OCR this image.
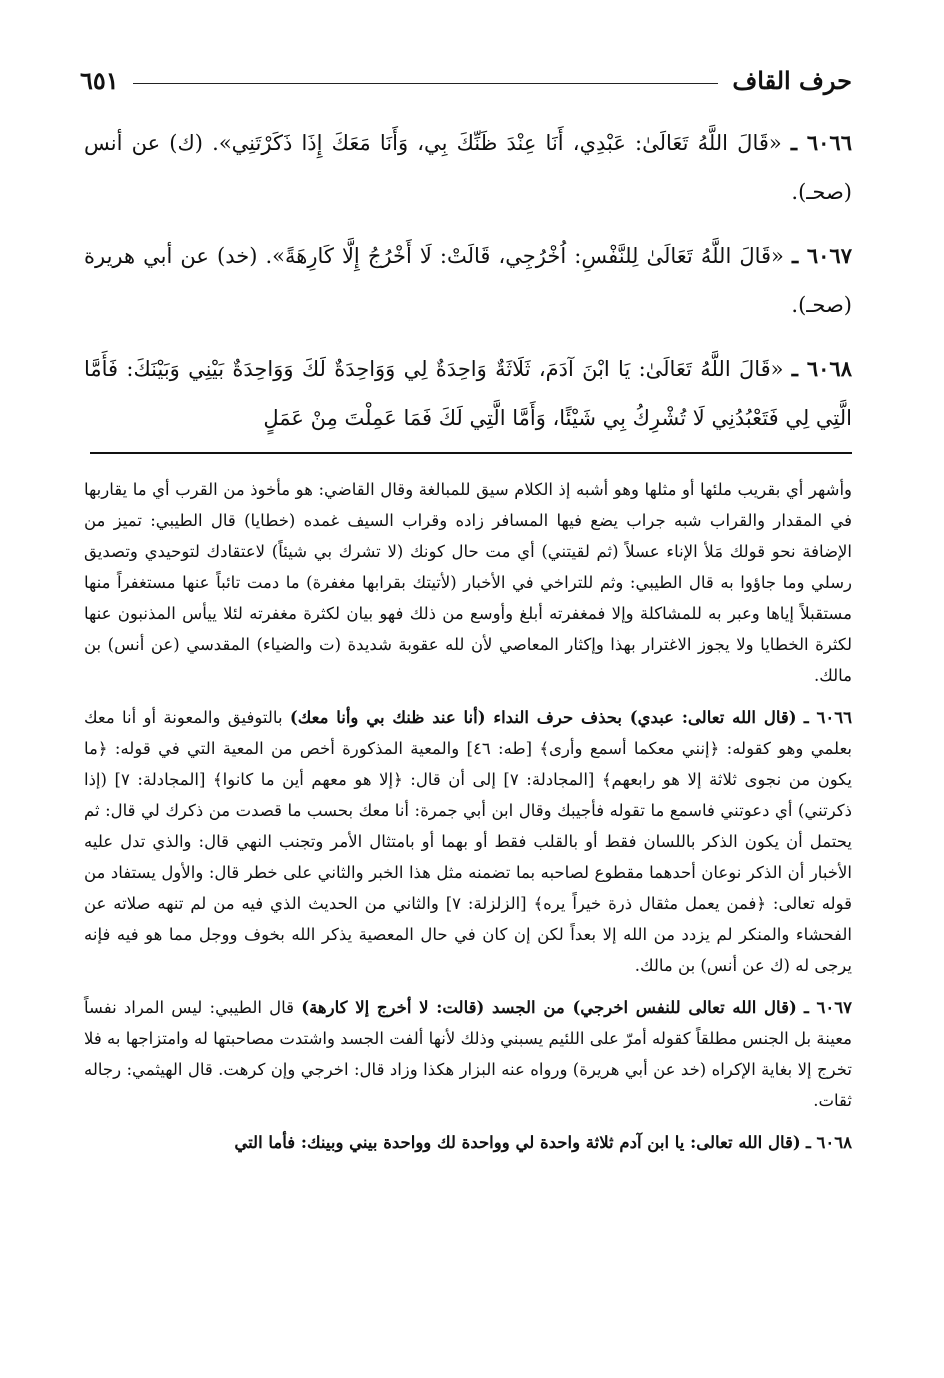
حرف القاف
٦٥١

٦٠٦٦ ـ «قَالَ اللَّهُ تَعَالَىٰ: عَبْدِي، أَنَا عِنْدَ ظَنِّكَ بِي، وَأَنَا مَعَكَ إِذَا ذَكَرْتَنِي». (ك) عن أنس (صحـ).

٦٠٦٧ ـ «قَالَ اللَّهُ تَعَالَىٰ لِلنَّفْسِ: اُخْرُجِي، قَالَتْ: لَا أَخْرُجُ إِلَّا كَارِهَةً». (خد) عن أبي هريرة (صحـ).

٦٠٦٨ ـ «قَالَ اللَّهُ تَعَالَىٰ: يَا ابْنَ آدَمَ، ثَلَاثَةٌ وَاحِدَةٌ لِي وَوَاحِدَةٌ لَكَ وَوَاحِدَةٌ بَيْنِي وَبَيْنَكَ: فَأَمَّا الَّتِي لِي فَتَعْبُدُنِي لَا تُشْرِكُ بِي شَيْئًا، وَأَمَّا الَّتِي لَكَ فَمَا عَمِلْتَ مِنْ عَمَلٍ

وأشهر أي بقريب ملئها أو مثلها وهو أشبه إذ الكلام سيق للمبالغة وقال القاضي: هو مأخوذ من القرب أي ما يقاربها في المقدار والقراب شبه جراب يضع فيها المسافر زاده وقراب السيف غمده (خطايا) قال الطيبي: تميز من الإضافة نحو قولك مَلأ الإناء عسلاً (ثم لقيتني) أي مت حال كونك (لا تشرك بي شيئاً) لاعتقادك لتوحيدي وتصديق رسلي وما جاؤوا به قال الطيبي: وثم للتراخي في الأخبار (لأتيتك بقرابها مغفرة) ما دمت تائباً عنها مستغفراً منها مستقبلاً إياها وعبر به للمشاكلة وإلا فمغفرته أبلغ وأوسع من ذلك فهو بيان لكثرة مغفرته لئلا ييأس المذنبون عنها لكثرة الخطايا ولا يجوز الاغترار بهذا وإكثار المعاصي لأن لله عقوبة شديدة (ت والضياء) المقدسي (عن أنس) بن مالك.

٦٠٦٦ ـ (قال الله تعالى: عبدي) بحذف حرف النداء (أنا عند ظنك بي وأنا معك) بالتوفيق والمعونة أو أنا معك بعلمي وهو كقوله: ﴿إنني معكما أسمع وأرى﴾ [طه: ٤٦] والمعية المذكورة أخص من المعية التي في قوله: ﴿ما يكون من نجوى ثلاثة إلا هو رابعهم﴾ [المجادلة: ٧] إلى أن قال: ﴿إلا هو معهم أين ما كانوا﴾ [المجادلة: ٧] (إذا ذكرتني) أي دعوتني فاسمع ما تقوله فأجيبك وقال ابن أبي جمرة: أنا معك بحسب ما قصدت من ذكرك لي قال: ثم يحتمل أن يكون الذكر باللسان فقط أو بالقلب فقط أو بهما أو بامتثال الأمر وتجنب النهي قال: والذي تدل عليه الأخبار أن الذكر نوعان أحدهما مقطوع لصاحبه بما تضمنه مثل هذا الخبر والثاني على خطر قال: والأول يستفاد من قوله تعالى: ﴿فمن يعمل مثقال ذرة خيراً يره﴾ [الزلزلة: ٧] والثاني من الحديث الذي فيه من لم تنهه صلاته عن الفحشاء والمنكر لم يزدد من الله إلا بعداً لكن إن كان في حال المعصية يذكر الله بخوف ووجل مما هو فيه فإنه يرجى له (ك عن أنس) بن مالك.

٦٠٦٧ ـ (قال الله تعالى للنفس اخرجي) من الجسد (قالت: لا أخرج إلا كارهة) قال الطيبي: ليس المراد نفساً معينة بل الجنس مطلقاً كقوله أمرّ على اللئيم يسبني وذلك لأنها ألفت الجسد واشتدت مصاحبتها له وامتزاجها به فلا تخرج إلا بغاية الإكراه (خد عن أبي هريرة) ورواه عنه البزار هكذا وزاد قال: اخرجي وإن كرهت. قال الهيثمي: رجاله ثقات.

٦٠٦٨ ـ (قال الله تعالى: يا ابن آدم ثلاثة واحدة لي وواحدة لك وواحدة بيني وبينك: فأما التي
